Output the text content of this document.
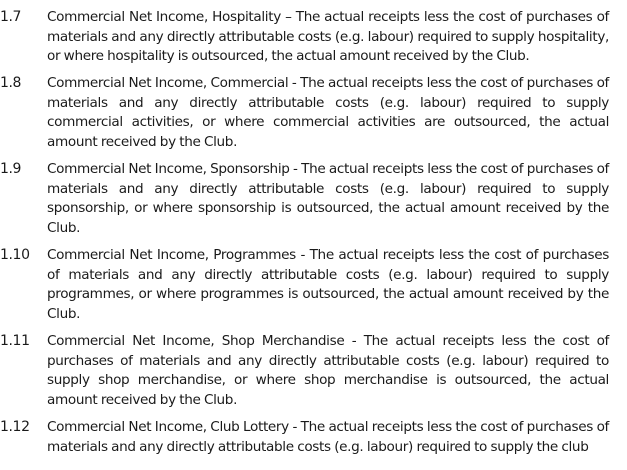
1.7 Commercial Net Income, Hospitality – The actual receipts less the cost of purchases of materials and any directly attributable costs (e.g. labour) required to supply hospitality, or where hospitality is outsourced, the actual amount received by the Club.
1.8 Commercial Net Income, Commercial - The actual receipts less the cost of purchases of materials and any directly attributable costs (e.g. labour) required to supply commercial activities, or where commercial activities are outsourced, the actual amount received by the Club.
1.9 Commercial Net Income, Sponsorship - The actual receipts less the cost of purchases of materials and any directly attributable costs (e.g. labour) required to supply sponsorship, or where sponsorship is outsourced, the actual amount received by the Club.
1.10 Commercial Net Income, Programmes - The actual receipts less the cost of purchases of materials and any directly attributable costs (e.g. labour) required to supply programmes, or where programmes is outsourced, the actual amount received by the Club.
1.11 Commercial Net Income, Shop Merchandise - The actual receipts less the cost of purchases of materials and any directly attributable costs (e.g. labour) required to supply shop merchandise, or where shop merchandise is outsourced, the actual amount received by the Club.
1.12 Commercial Net Income, Club Lottery - The actual receipts less the cost of purchases of materials and any directly attributable costs (e.g. labour) required to supply the club
